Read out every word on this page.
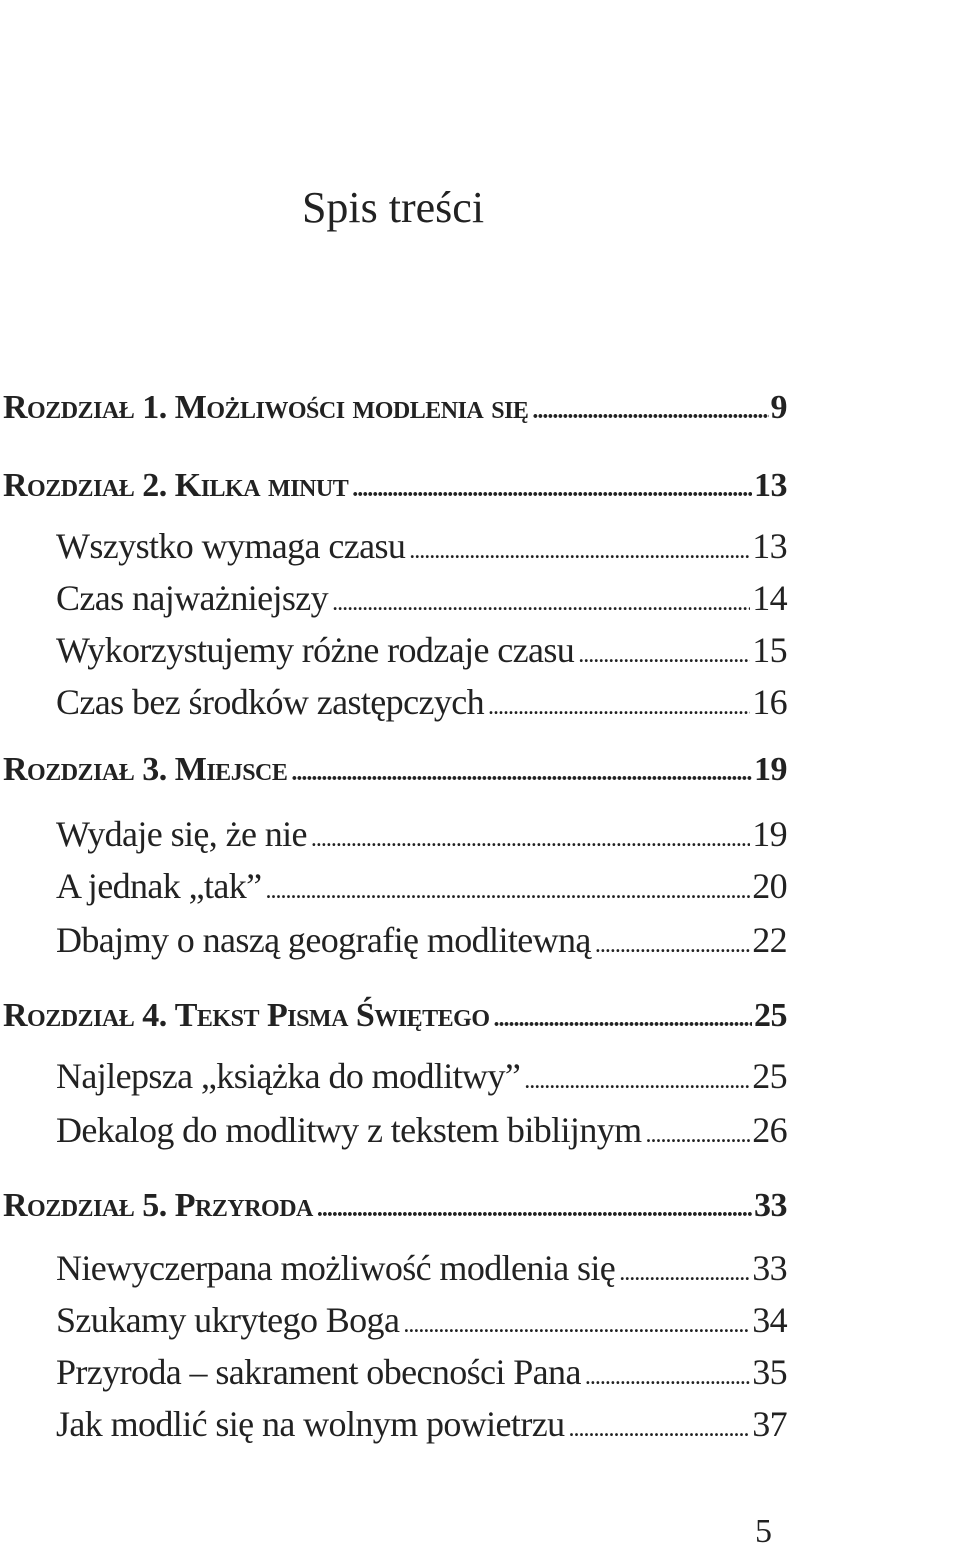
Spis treści
Rozdział 1. Możliwości modlenia się .....	9
Rozdział 2. Kilka minut .....	13
Wszystko wymaga czasu .....	13
Czas najważniejszy .....	14
Wykorzystujemy różne rodzaje czasu .....	15
Czas bez środków zastępczych .....	16
Rozdział 3. Miejsce .....	19
Wydaje się, że nie .....	19
A jednak „tak” .....	20
Dbajmy o naszą geografię modlitewną .....	22
Rozdział 4. Tekst Pisma Świętego .....	25
Najlepsza „książka do modlitwy” .....	25
Dekalog do modlitwy z tekstem biblijnym .....	26
Rozdział 5. Przyroda .....	33
Niewyczerpana możliwość modlenia się .....	33
Szukamy ukrytego Boga .....	34
Przyroda – sakrament obecności Pana .....	35
Jak modlić się na wolnym powietrzu .....	37
5
